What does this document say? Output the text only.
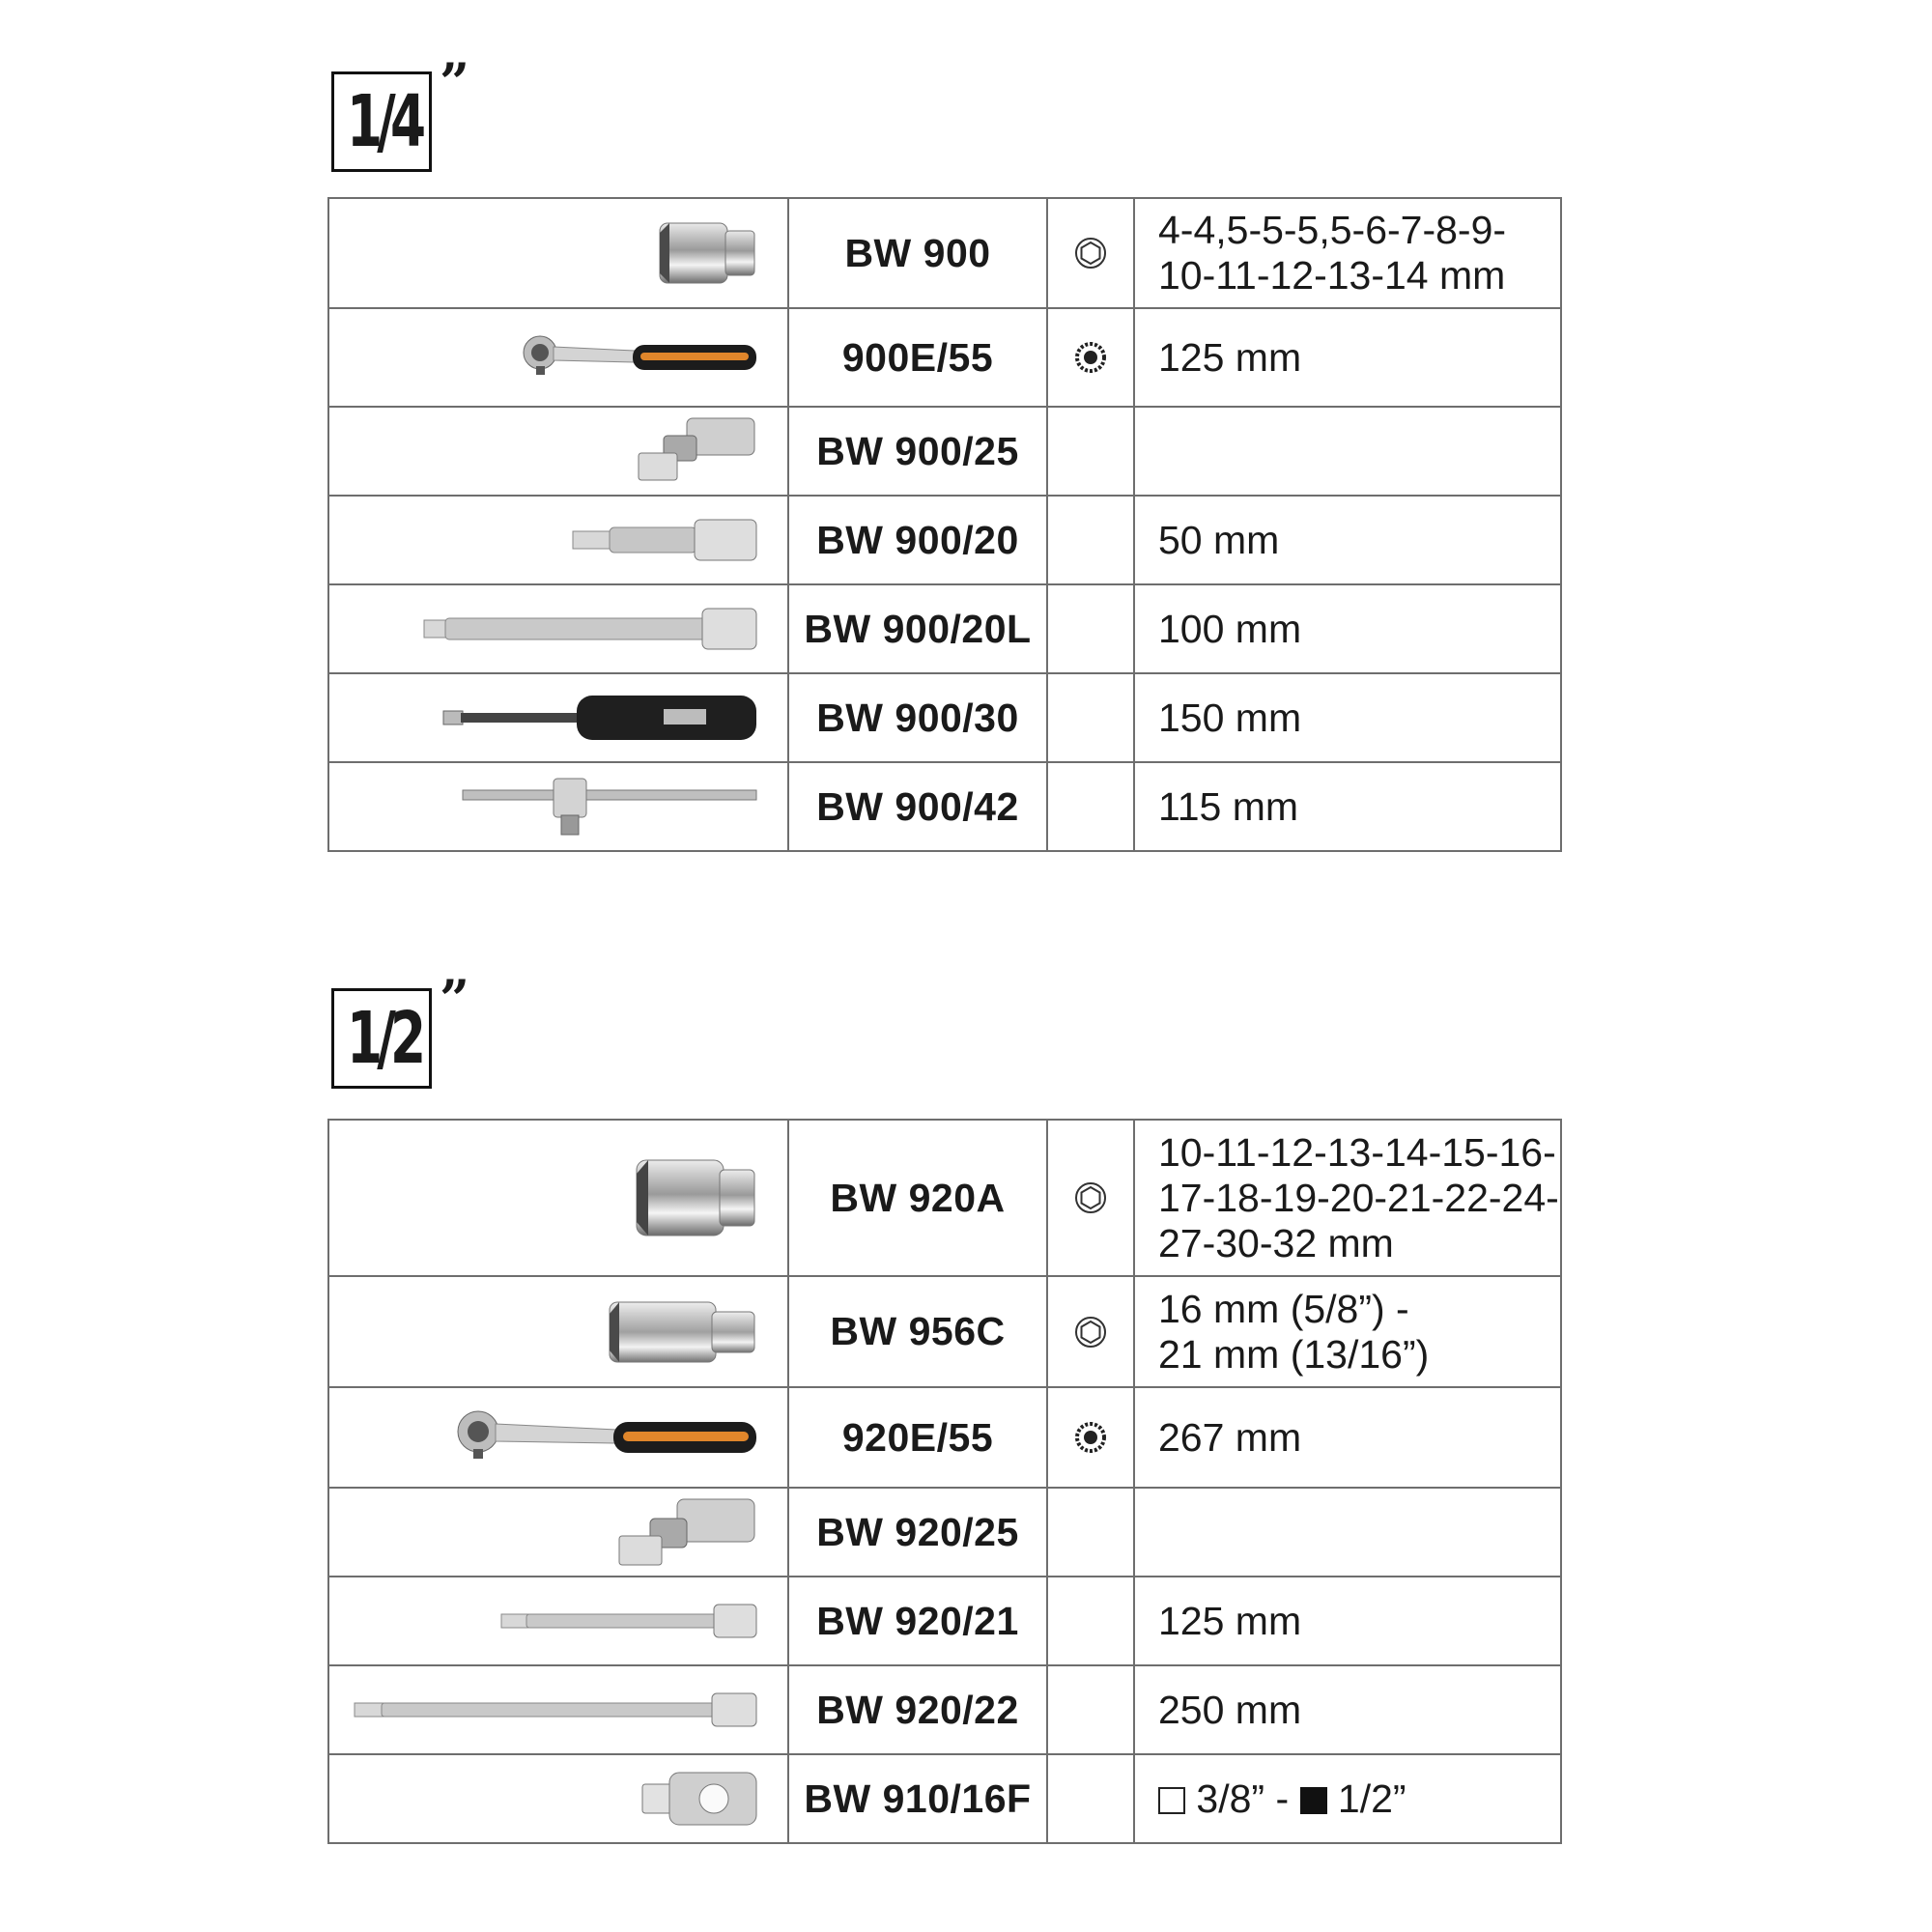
1/4 ”
	BW 900		4-4,5-5-5,5-6-7-8-9-
10-11-12-13-14 mm

	900E/55		125 mm

	BW 900/25		

	BW 900/20		50 mm

	BW 900/20L		100 mm

	BW 900/30		150 mm

	BW 900/42		115 mm
1/2 ”
	BW 920A		10-11-12-13-14-15-16-
17-18-19-20-21-22-24-
27-30-32 mm

	BW 956C		16 mm (5/8”) -
21 mm (13/16”)

	920E/55		267 mm

	BW 920/25		

	BW 920/21		125 mm

	BW 920/22		250 mm

	BW 910/16F		3/8” -  1/2”
